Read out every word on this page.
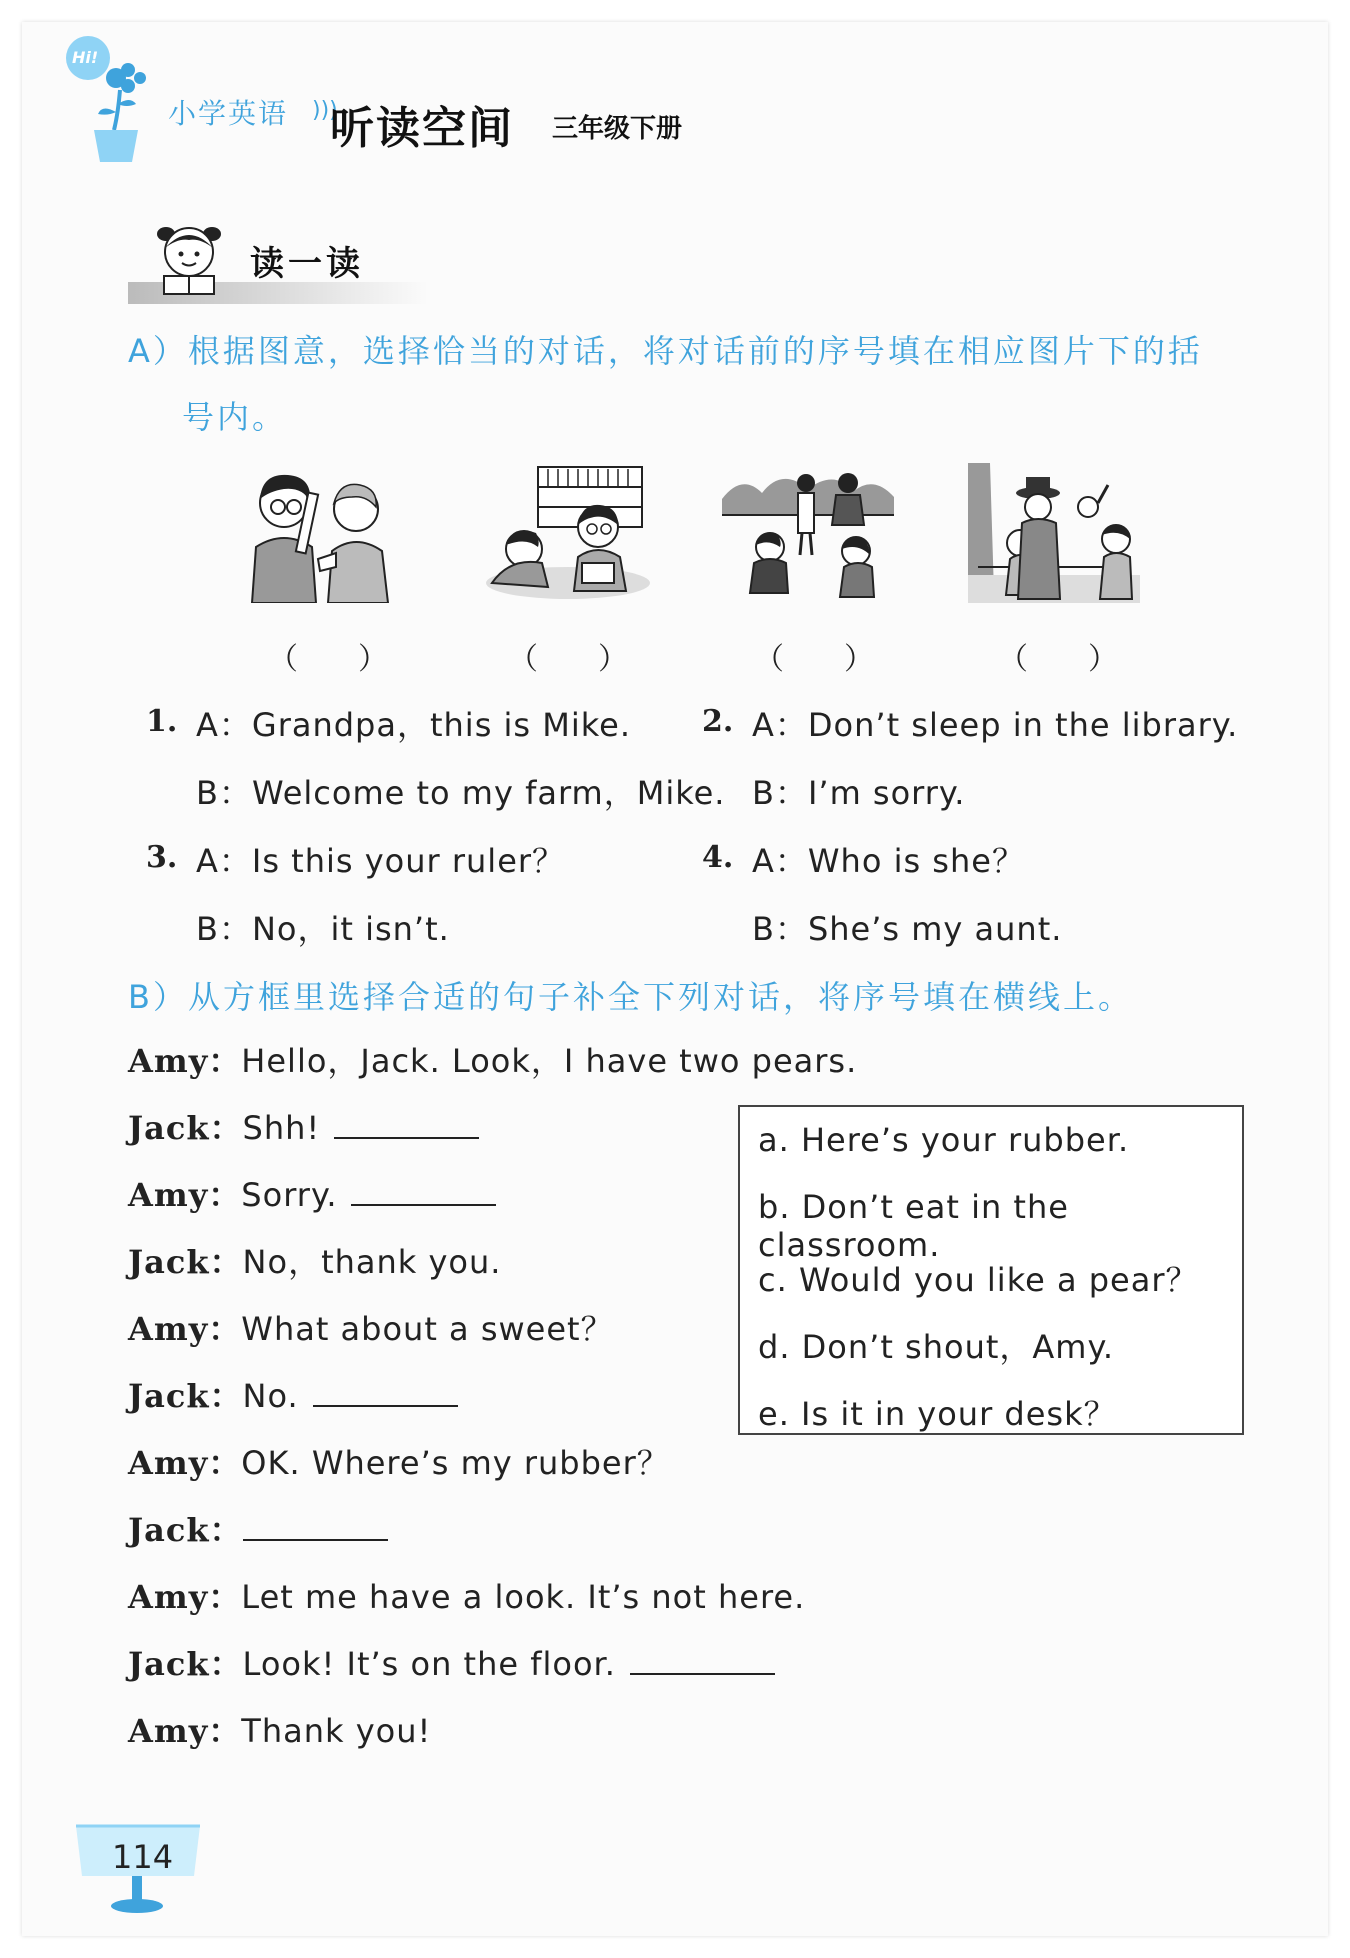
Hi!
小学英语 )))
听读空间 三年级下册
读一读
A）根据图意，选择恰当的对话，将对话前的序号填在相应图片下的括
号内。
（　　）	（　　）	（　　）	（　　）
1. A：Grandpa，this is Mike.
B：Welcome to my farm，Mike.
2. A：Don’t sleep in the library.
B：I’m sorry.
3. A：Is this your ruler？
B：No，it isn’t.
4. A：Who is she？
B：She’s my aunt.
B）从方框里选择合适的句子补全下列对话，将序号填在横线上。
Amy：Hello，Jack. Look，I have two pears.
Jack：Shh!
Amy：Sorry.
Jack：No，thank you.
Amy：What about a sweet？
Jack：No.
Amy：OK. Where’s my rubber？
Jack：
Amy：Let me have a look. It’s not here.
Jack：Look! It’s on the floor.
Amy：Thank you!
a. Here’s your rubber.
b. Don’t eat in the classroom.
c. Would you like a pear？
d. Don’t shout，Amy.
e. Is it in your desk？
114
